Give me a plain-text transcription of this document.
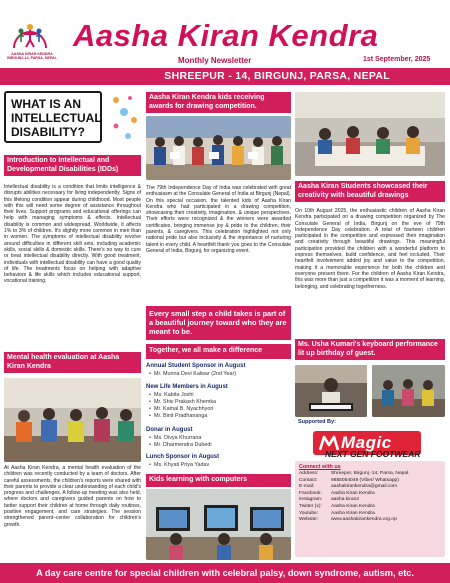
AASHA KIRAN KENDRA
BIRGUNJ-14, PARSA, NEPAL
Aasha Kiran Kendra
Monthly Newsletter	1st September, 2025
SHREEPUR - 14, BIRGUNJ, PARSA, NEPAL
WHAT IS AN
INTELLECTUAL
DISABILITY?
Introduction to Intellectual and Developmental Disabilities (IDDs)

Intellectual disability is a condition that limits intelligence & disrupts abilities necessary for living independently. Signs of this lifelong condition appear during childhood. Most people with this will need some degree of assistance throughout their lives. Support programs and educational offerings can help with managing symptoms & effects. Intellectual disability is common and widespread. Worldwide, it affects 1% to 3% of children. It's slightly more common in men than in women. The symptoms of intellectual disability revolve around difficulties in different skill sets, including academic skills, social skills & domestic skills. There's no way to cure or treat intellectual disability directly. With good treatment, individuals with intellectual disability can have a good quality of life. The treatments focus on helping with adaptive behaviors & life skills which includes educational support, vocational training.

Mental health evaluation at Aasha Kiran Kendra

At Aasha Kiran Kendra, a mental health evaluation of the children was recently conducted by a team of doctors. After careful assessments, the children's reports were shared with their parents to provide a clear understanding of each child's progress and challenges. A follow-up meeting was also held, where doctors and caregivers guided parents on how to better support their children at home through daily routines, positive engagement, and care strategies. The session strengthened parent–center collaboration for children's growth.

Aasha Kiran Kendra kids receiving awards for drawing competition.

The 79th Independence Day of India was celebrated with great enthusiasm at the Consulate General of India at Birgunj (Nepal). On this special occasion, the talented kids of Aasha Kiran Kendra who had participated in a drawing competition, showcasing their creativity, imagination, & unique perspectives. Their efforts were recognized & the winners were awarded certificates, bringing immense joy & pride to the children, their parents, & caregivers. This celebration highlighted not only national pride but also inclusivity & the importance of nurturing talent in every child. A heartfelt thank you goes to the Consulate General of India, Birgunj, for organizing event.

Every small step a child takes is part of a beautiful journey toward who they are meant to be.
Together, we all make a difference
Annual Student Sponsor in August
• Mr. Munna Devi Kalwar (2nd Year)
New Life Members in August
• Ms. Kabita Joshi
• Mr. Shiv Prakash Khemka
• Mr. Kamal B. Nyachhyon
• Mr. Binit Pradhananga
Donar in August
• Ms. Divya Khurrana
• Mr. Dharmendra Dubedi
Lunch Sponsor in August
• Ms. Khyati Priya Yadav
Kids learning with computers
Aasha Kiran Students showcased their creativity with beautiful drawings

On 10th August 2025, the enthusiastic children of Aasha Kiran Kendra participated on a drawing competition organized by The Consulate General of India, Birgunj on the eve of 79th Independence Day celebration. A total of fourteen children participated in the competition and expressed their imagination and creativity through beautiful drawings. This meaningful participation provided the children with a wonderful platform to express themselves, build confidence, and feel included. Their heartfelt involvement added joy and value to the competition, making it a memorable experience for both the children and everyone present there. For the children of Aasha Kiran Kendra, this was more than just a competition it was a moment of learning, belonging, and celebrating togetherness.

Ms. Usha Kumari's keyboard performance lit up birthday of guest.
Supported By:
Magic
NEXT GEN FOOTWEAR
Connect with us
Address:	Shreepur, Birgunj -14, Parsa, Nepal.
Contact:	9855054049 (Viber/ Whatsapp)
E-mail:	aashakirankendra@gmail.com
Facebook:	Aasha Kiran Kendra
Instagram:	aasha.kiran2
Twitter (x):	Aasha Kiran Kendra
Youtube:	Aasha Kiran Kendra
Website:	www.aashakirankendra.org.np
A day care centre for special children with celebral palsy, down syndrome, autism, etc.
